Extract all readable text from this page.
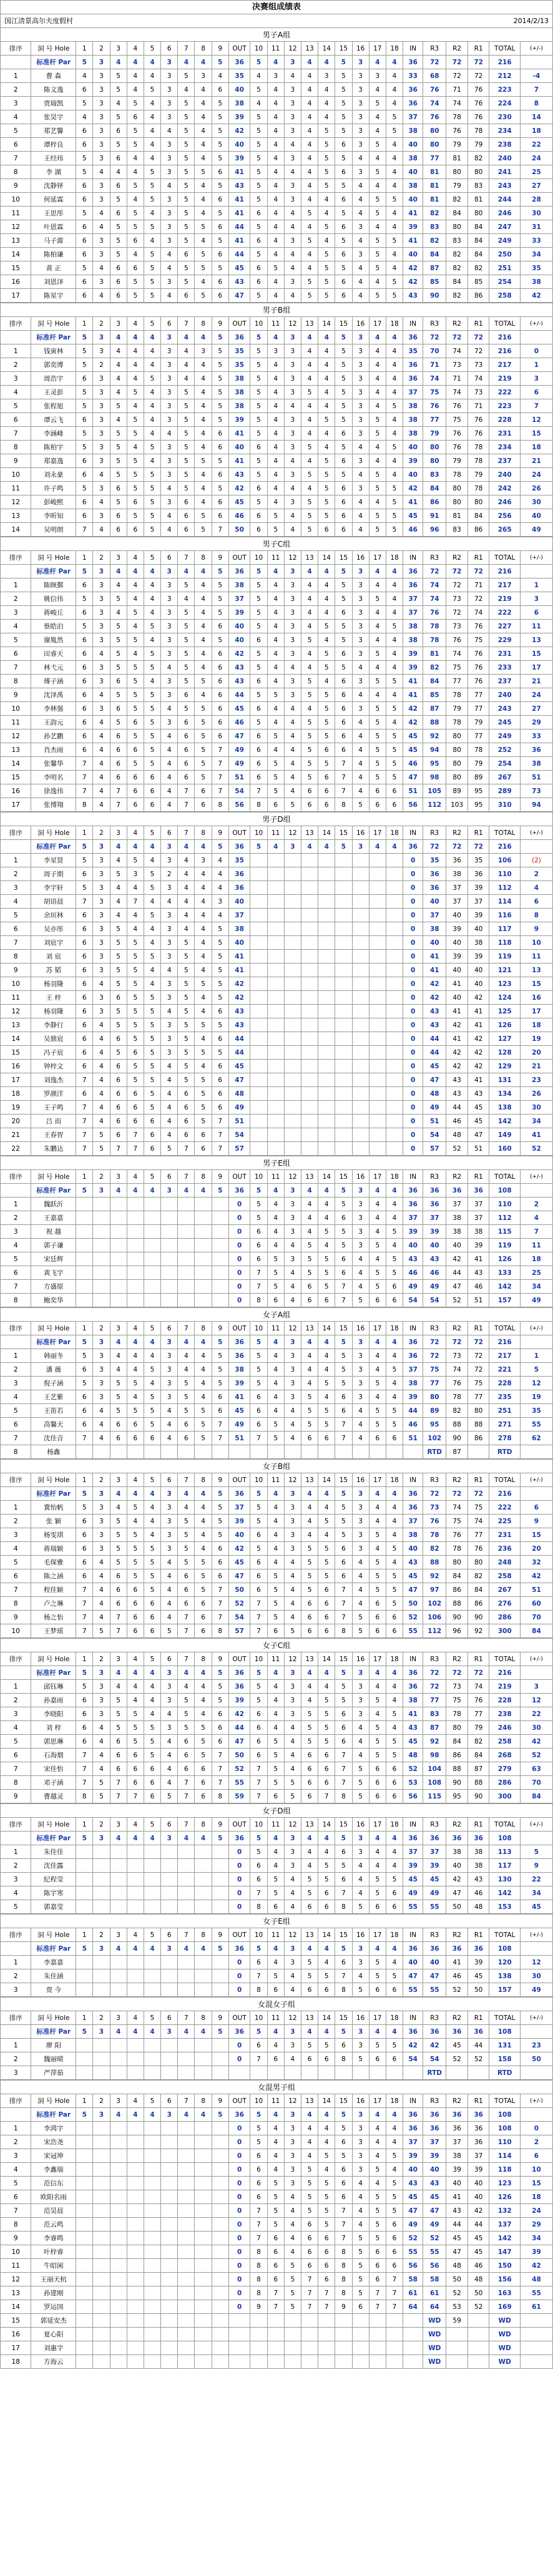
决赛组成绩表
国江清景高尔夫度假村	2014/2/13
男子A组
排序	洞 号 Hole	1	2	3	4	5	6	7	8	9	OUT	10	11	12	13	14	15	16	17	18	IN	R3	R2	R1	TOTAL	(+/-)
	标准杆 Par	5	3	4	4	4	3	4	4	5	36	5	4	3	4	4	5	3	4	4	36	72	72	72	216	
1	曹 森	4	3	5	4	4	3	5	3	4	35	4	3	4	4	3	5	3	3	4	33	68	72	72	212	-4
2	陈文逸	6	3	5	4	5	3	4	4	6	40	5	4	3	4	4	5	3	4	4	36	76	71	76	223	7
3	贾瑞凯	5	3	4	5	4	3	5	4	5	38	4	4	3	4	4	5	3	5	4	36	74	74	76	224	8
4	张昊宇	4	3	5	6	4	3	5	4	5	39	5	4	3	4	4	5	3	4	5	37	76	78	76	230	14
5	郑艺馨	6	3	6	5	4	4	5	4	5	42	5	4	3	4	5	5	3	4	5	38	80	76	78	234	18
6	谭梓良	6	3	5	5	4	3	5	4	5	40	5	4	4	4	5	6	3	5	4	40	80	79	79	238	22
7	王经玮	5	3	6	4	4	3	5	4	5	39	5	4	3	4	5	5	4	4	4	38	77	81	82	240	24
8	李 湖	5	4	4	4	5	3	5	5	6	41	5	4	4	4	5	6	3	5	4	40	81	80	80	241	25
9	沈静铎	6	3	6	5	5	4	5	4	5	43	5	4	3	4	5	5	4	4	4	38	81	79	83	243	27
10	何延霖	6	3	5	4	5	3	5	4	6	41	5	4	3	4	4	6	4	5	5	40	81	82	81	244	28
11	王思彤	5	4	6	5	4	3	5	4	5	41	6	4	4	5	4	5	4	5	4	41	82	84	80	246	30
12	叶恩霖	6	4	5	5	5	3	5	5	6	44	5	4	4	4	5	6	3	4	4	39	83	80	84	247	31
13	马子源	6	3	5	6	4	3	5	4	5	41	6	4	3	5	4	5	4	5	5	41	82	83	84	249	33
14	陈柏谦	6	3	5	4	5	4	6	5	6	44	5	4	4	4	5	6	3	5	4	40	84	82	84	250	34
15	黄 正	5	4	6	6	5	4	5	5	5	45	6	5	4	4	5	5	4	5	4	42	87	82	82	251	35
16	刘恩泽	6	3	6	5	5	3	5	4	6	43	6	4	3	5	5	6	4	4	5	42	85	84	85	254	38
17	陈星宇	6	4	6	5	5	4	6	5	6	47	5	4	4	5	5	6	4	5	5	43	90	82	86	258	42
男子B组
排序	洞 号 Hole	1	2	3	4	5	6	7	8	9	OUT	10	11	12	13	14	15	16	17	18	IN	R3	R2	R1	TOTAL	(+/-)
	标准杆 Par	5	3	4	4	4	3	4	4	5	36	5	4	3	4	4	5	3	4	4	36	72	72	72	216	
1	钱寅林	5	3	4	4	4	3	4	3	5	35	5	3	3	4	4	5	3	4	4	35	70	74	72	216	0
2	郭奕博	5	2	4	4	4	3	4	4	5	35	5	4	3	4	4	5	3	4	4	36	71	73	73	217	1
3	周浩宇	6	3	4	4	5	3	4	4	5	38	5	4	3	4	4	5	3	4	4	36	74	71	74	219	3
4	王灵彭	5	3	4	5	4	3	5	4	5	38	5	4	3	5	4	5	3	4	4	37	75	74	73	222	6
5	张程旭	5	3	5	4	4	3	5	4	5	38	5	4	4	4	4	5	3	4	5	38	76	76	71	223	7
6	谭云飞	6	3	4	5	4	3	5	4	5	39	5	4	3	4	5	5	3	5	4	38	77	75	76	228	12
7	李涵峰	5	3	5	5	4	4	5	4	6	41	5	4	3	4	4	6	3	5	4	38	79	76	76	231	15
8	陈柏宇	5	3	5	4	5	3	5	4	6	40	6	4	3	5	4	5	4	4	5	40	80	76	78	234	18
9	郑嘉逸	6	3	5	5	4	3	5	5	5	41	5	4	4	4	5	6	3	4	4	39	80	79	78	237	21
10	刘永豪	6	4	5	5	5	3	5	4	6	43	5	4	3	5	5	5	4	5	4	40	83	78	79	240	24
11	许子鸣	5	3	6	5	5	4	5	4	5	42	6	4	4	4	5	6	3	5	5	42	84	80	78	242	26
12	彭峻熙	6	4	5	6	5	3	6	4	6	45	5	4	3	5	5	6	4	4	5	41	86	80	80	246	30
13	李昕知	6	3	6	5	5	4	6	5	6	46	6	5	4	5	5	6	4	5	5	45	91	81	84	256	40
14	吴明朗	7	4	6	6	5	4	6	5	7	50	6	5	4	5	6	6	4	5	5	46	96	83	86	265	49
男子C组
排序	洞 号 Hole	1	2	3	4	5	6	7	8	9	OUT	10	11	12	13	14	15	16	17	18	IN	R3	R2	R1	TOTAL	(+/-)
	标准杆 Par	5	3	4	4	4	3	4	4	5	36	5	4	3	4	4	5	3	4	4	36	72	72	72	216	
1	陈顾鄞	6	3	4	4	4	3	5	4	5	38	5	4	3	4	4	5	3	4	4	36	74	72	71	217	1
2	姚信伟	5	3	5	4	4	3	4	4	5	37	5	4	3	4	4	5	3	5	4	37	74	73	72	219	3
3	蒋峻丘	6	3	4	5	4	3	5	4	5	39	5	4	3	4	4	6	3	4	4	37	76	72	74	222	6
4	蔡皓泊	5	3	5	4	5	3	5	4	6	40	5	4	3	4	5	5	3	4	5	38	78	73	76	227	11
5	谢胤然	6	3	5	5	4	3	5	4	5	40	6	4	3	5	4	5	3	4	4	38	78	76	75	229	13
6	田睿天	6	4	5	4	5	3	5	4	6	42	5	4	3	4	5	6	3	5	4	39	81	74	76	231	15
7	林弋元	6	3	5	5	5	4	5	4	6	43	5	4	4	4	5	5	4	4	4	39	82	75	76	233	17
8	傅子涵	6	3	6	5	4	3	5	5	6	43	6	4	3	5	4	6	3	5	5	41	84	77	76	237	21
9	沈泽禹	6	4	5	5	5	3	6	4	6	44	5	5	3	5	5	6	4	4	4	41	85	78	77	240	24
10	李林强	6	3	6	5	5	4	5	5	6	45	6	4	4	4	5	6	3	5	5	42	87	79	77	243	27
11	王韵元	6	4	5	6	5	3	6	5	6	46	5	4	4	5	5	6	4	5	4	42	88	78	79	245	29
12	孙艺鹏	6	4	6	5	5	4	6	5	6	47	6	5	4	5	5	6	4	5	5	45	92	80	77	249	33
13	肖杰雨	6	4	6	6	5	4	6	5	7	49	6	4	4	5	6	6	4	5	5	45	94	80	78	252	36
14	张馨华	7	4	6	5	5	4	6	5	7	49	6	5	4	5	5	7	4	5	5	46	95	80	79	254	38
15	李明名	7	4	6	6	6	4	6	5	7	51	6	5	4	5	6	7	4	5	5	47	98	80	89	267	51
16	徐逸伟	7	4	7	6	6	4	7	6	7	54	7	5	4	6	6	7	4	6	6	51	105	89	95	289	73
17	张博翔	8	4	7	6	6	4	7	6	8	56	8	6	5	6	6	8	5	6	6	56	112	103	95	310	94
男子D组
排序	洞 号 Hole	1	2	3	4	5	6	7	8	9	OUT	10	11	12	13	14	15	16	17	18	IN	R3	R2	R1	TOTAL	(+/-)
	标准杆 Par	5	3	4	4	4	3	4	4	5	36	5	4	3	4	4	5	3	4	4	36	72	72	72	216	
1	李星贤	5	3	4	5	4	3	4	3	4	35										0	35	36	35	106	(2)
2	周子期	6	3	5	3	5	2	4	4	4	36										0	36	38	36	110	2
3	李宇轩	5	3	4	4	5	3	4	4	4	36										0	36	37	39	112	4
4	胡语晨	7	3	4	7	4	4	4	4	3	40										0	40	37	37	114	6
5	余垣林	6	3	4	4	5	3	4	4	4	37										0	37	40	39	116	8
6	吴亦彤	6	3	5	4	4	3	4	4	5	38										0	38	39	40	117	9
7	刘宸宇	6	3	5	5	4	3	5	4	5	40										0	40	40	38	118	10
8	刘 宸	6	3	5	5	5	3	5	4	5	41										0	41	39	39	119	11
9	苏 韬	6	3	5	5	4	4	5	4	5	41										0	41	40	40	121	13
10	杨羽隆	6	4	5	5	4	3	5	5	5	42										0	42	41	40	123	15
11	王 梓	6	3	6	5	5	3	5	4	5	42										0	42	40	42	124	16
12	杨羽隆	6	3	5	5	5	4	5	4	6	43										0	43	41	41	125	17
13	李静行	6	4	5	5	5	3	5	5	5	43										0	43	42	41	126	18
14	吴鼎宸	6	4	6	5	5	3	5	4	6	44										0	44	41	42	127	19
15	冯子宸	6	4	5	6	5	3	5	5	5	44										0	44	42	42	128	20
16	钟梓文	6	4	6	5	5	4	5	4	6	45										0	45	42	42	129	21
17	刘逸杰	7	4	6	5	5	4	5	5	6	47										0	47	43	41	131	23
18	罗颜洋	6	4	6	6	5	4	6	5	6	48										0	48	43	43	134	26
19	王子鸣	7	4	6	6	5	4	6	5	6	49										0	49	44	45	138	30
20	吕 而	7	4	6	6	6	4	6	5	7	51										0	51	46	45	142	34
21	王春智	7	5	6	7	6	4	6	6	7	54										0	54	48	47	149	41
22	朱鹏达	7	5	7	7	6	5	7	6	7	57										0	57	52	51	160	52
男子E组
排序	洞 号 Hole	1	2	3	4	5	6	7	8	9	OUT	10	11	12	13	14	15	16	17	18	IN	R3	R2	R1	TOTAL	(+/-)
	标准杆 Par	5	3	4	4	4	3	4	4	5	36	5	4	3	4	4	5	3	4	4	36	36	36	36	108	
1	魏跃沂										0	5	4	3	4	4	5	3	4	4	36	36	37	37	110	2
2	王嘉嘉										0	5	4	3	4	4	6	3	4	4	37	37	38	37	112	4
3	祝 越										0	6	4	3	4	5	5	3	4	5	39	39	38	38	115	7
4	郭子谦										0	6	4	4	5	4	5	3	5	4	40	40	40	39	119	11
5	宋廷辉										0	6	5	3	5	5	6	4	4	5	43	43	42	41	126	18
6	黄飞宇										0	7	5	4	5	5	6	4	5	5	46	46	44	43	133	25
7	方盛原										0	7	5	4	6	5	7	4	5	6	49	49	47	46	142	34
8	鲍奕华										0	8	6	4	6	6	7	5	6	6	54	54	52	51	157	49
女子A组
排序	洞 号 Hole	1	2	3	4	5	6	7	8	9	OUT	10	11	12	13	14	15	16	17	18	IN	R3	R2	R1	TOTAL	(+/-)
	标准杆 Par	5	3	4	4	4	3	4	4	5	36	5	4	3	4	4	5	3	4	4	36	72	72	72	216	
1	韩丽冬	5	3	4	4	4	3	4	4	5	36	5	4	3	4	4	5	3	4	4	36	72	73	72	217	1
2	潘 薇	6	3	4	4	5	3	4	4	5	38	5	4	3	4	4	5	3	4	5	37	75	74	72	221	5
3	倪子涵	5	3	5	5	4	3	5	4	5	39	5	4	3	4	5	5	3	5	4	38	77	76	75	228	12
4	王艺紫	6	3	5	4	5	3	5	4	6	41	6	4	3	5	4	6	3	4	4	39	80	78	77	235	19
5	王笛若	6	4	5	5	5	4	5	5	6	45	6	4	4	5	5	6	4	5	5	44	89	82	80	251	35
6	高馨天	6	4	6	6	5	4	6	5	7	49	6	5	4	5	5	7	4	5	5	46	95	88	88	271	55
7	沈佳音	7	4	6	6	6	4	6	5	7	51	7	5	4	6	6	7	4	6	6	51	102	90	86	278	62
8	杨鑫																					RTD	87		RTD	
女子B组
排序	洞 号 Hole	1	2	3	4	5	6	7	8	9	OUT	10	11	12	13	14	15	16	17	18	IN	R3	R2	R1	TOTAL	(+/-)
	标准杆 Par	5	3	4	4	4	3	4	4	5	36	5	4	3	4	4	5	3	4	4	36	72	72	72	216	
1	冀怡帆	5	3	4	5	4	3	4	4	5	37	5	4	3	4	4	5	3	4	4	36	73	74	75	222	6
2	张 颖	6	3	5	4	4	3	5	4	5	39	5	4	3	4	5	5	3	4	4	37	76	75	74	225	9
3	杨雯琪	6	3	5	5	4	3	5	4	5	40	6	4	3	4	4	5	3	5	4	38	78	76	77	231	15
4	蒋瑞颖	6	3	5	5	5	3	5	4	6	42	5	4	3	5	5	6	3	4	5	40	82	78	76	236	20
5	毛琛雅	6	4	5	5	5	4	5	5	6	45	6	4	4	5	5	6	4	5	4	43	88	80	80	248	32
6	陈之涵	6	4	6	5	5	4	6	5	6	47	6	5	4	5	5	6	4	5	5	45	92	84	82	258	42
7	程佳颖	7	4	6	6	5	4	6	5	7	50	6	5	4	5	6	7	4	5	5	47	97	86	84	267	51
8	卢之琳	7	4	6	6	6	4	6	6	7	52	7	5	4	6	6	7	4	6	5	50	102	88	86	276	60
9	杨之怡	7	4	7	6	6	4	7	6	7	54	7	5	4	6	6	7	5	6	6	52	106	90	90	286	70
10	王梦瑶	7	5	7	6	6	5	7	6	8	57	7	6	5	6	6	8	5	6	6	55	112	96	92	300	84
女子C组
排序	洞 号 Hole	1	2	3	4	5	6	7	8	9	OUT	10	11	12	13	14	15	16	17	18	IN	R3	R2	R1	TOTAL	(+/-)
	标准杆 Par	5	3	4	4	4	3	4	4	5	36	5	4	3	4	4	5	3	4	4	36	72	72	72	216	
1	邱钰琳	5	3	4	4	4	3	4	4	5	36	5	4	3	4	4	5	3	4	4	36	72	73	74	219	3
2	孙嘉雨	6	3	5	4	4	3	5	4	5	39	5	4	3	4	5	5	3	5	4	38	77	75	76	228	12
3	李晓阳	6	3	5	5	4	4	5	4	6	42	6	4	3	5	5	6	3	4	5	41	83	78	77	238	22
4	刘 梓	6	4	5	5	5	3	5	5	6	44	6	4	4	5	5	6	4	5	4	43	87	80	79	246	30
5	郭思琳	6	4	6	5	5	4	6	5	6	47	6	5	4	5	5	6	4	5	5	45	92	84	82	258	42
6	石海烟	7	4	6	6	5	4	6	5	7	50	6	5	4	6	6	7	4	5	5	48	98	86	84	268	52
7	宋佳怡	7	4	6	6	6	4	6	6	7	52	7	5	4	6	6	7	5	6	6	52	104	88	87	279	63
8	邓子涵	7	5	7	6	6	4	7	6	7	55	7	5	5	6	6	7	5	6	6	53	108	90	88	286	70
9	曹越灵	8	5	7	7	6	5	7	6	8	59	7	6	5	6	7	8	5	6	6	56	115	95	90	300	84
女子D组
排序	洞 号 Hole	1	2	3	4	5	6	7	8	9	OUT	10	11	12	13	14	15	16	17	18	IN	R3	R2	R1	TOTAL	(+/-)
	标准杆 Par	5	3	4	4	4	3	4	4	5	36	5	4	3	4	4	5	3	4	4	36	36	36	36	108	
1	朱佳佳										0	5	4	3	4	4	6	3	4	4	37	37	38	38	113	5
2	沈佳露										0	6	4	3	4	5	5	4	4	4	39	39	40	38	117	9
3	纪程莹										0	6	5	4	5	5	6	4	5	5	45	45	42	43	130	22
4	陈宇寒										0	7	5	4	5	6	7	4	5	6	49	49	47	46	142	34
5	郭嘉莹										0	8	6	4	6	6	8	5	6	6	55	55	50	48	153	45
女子E组
排序	洞 号 Hole	1	2	3	4	5	6	7	8	9	OUT	10	11	12	13	14	15	16	17	18	IN	R3	R2	R1	TOTAL	(+/-)
	标准杆 Par	5	3	4	4	4	3	4	4	5	36	5	4	3	4	4	5	3	4	4	36	36	36	36	108	
1	李嘉嘉										0	6	4	3	5	4	6	3	5	4	40	40	41	39	120	12
2	朱佳涵										0	7	5	4	5	5	7	4	5	5	47	47	46	45	138	30
3	贾 今										0	8	6	4	6	6	8	5	6	6	55	55	52	50	157	49
女混女子组
排序	洞 号 Hole	1	2	3	4	5	6	7	8	9	OUT	10	11	12	13	14	15	16	17	18	IN	R3	R2	R1	TOTAL	(+/-)
	标准杆 Par	5	3	4	4	4	3	4	4	5	36	5	4	3	4	4	5	3	4	4	36	36	36	36	108	
1	廖 阳										0	6	4	3	5	5	6	3	5	5	42	42	45	44	131	23
2	魏丽晴										0	7	6	4	6	6	8	5	6	6	54	54	52	52	158	50
3	严萍茹																					RTD			RTD	
女混男子组
排序	洞 号 Hole	1	2	3	4	5	6	7	8	9	OUT	10	11	12	13	14	15	16	17	18	IN	R3	R2	R1	TOTAL	(+/-)
	标准杆 Par	5	3	4	4	4	3	4	4	5	36	5	4	3	4	4	5	3	4	4	36	36	36	36	108	
1	李鸿宇										0	5	4	3	4	4	5	3	4	4	36	36	36	36	108	0
2	宋浩尧										0	5	4	3	4	4	6	3	4	4	37	37	37	36	110	2
3	宋冠坤										0	6	4	3	4	5	5	3	4	5	39	39	38	37	114	6
4	李鑫瑞										0	6	4	3	5	4	6	3	5	4	40	40	39	39	118	10
5	范信东										0	6	5	3	5	5	6	4	4	5	43	43	40	40	123	15
6	欧阳名雨										0	6	5	4	5	5	6	4	5	5	45	45	41	40	126	18
7	范昊晨										0	7	5	4	5	5	7	4	5	5	47	47	43	42	132	24
8	范云鸣										0	7	5	4	6	5	7	4	5	6	49	49	44	44	137	29
9	李睿鸣										0	7	6	4	6	6	7	5	5	6	52	52	45	45	142	34
10	叶梓睿										0	8	6	4	6	6	8	5	6	6	55	55	47	45	147	39
11	牛昭闲										0	8	6	5	6	6	8	5	6	6	56	56	48	46	150	42
12	王丽天杭										0	8	6	5	7	6	8	5	6	7	58	58	50	48	156	48
13	孙建刚										0	8	7	5	7	7	8	5	7	7	61	61	52	50	163	55
14	罗运国										0	9	7	5	7	7	9	6	7	7	64	64	53	52	169	61
15	郭延安杰																					WD	59		WD	
16	夏心阳																					WD			WD	
17	刘惠宇																					WD			WD	
18	方海云																					WD			WD	
